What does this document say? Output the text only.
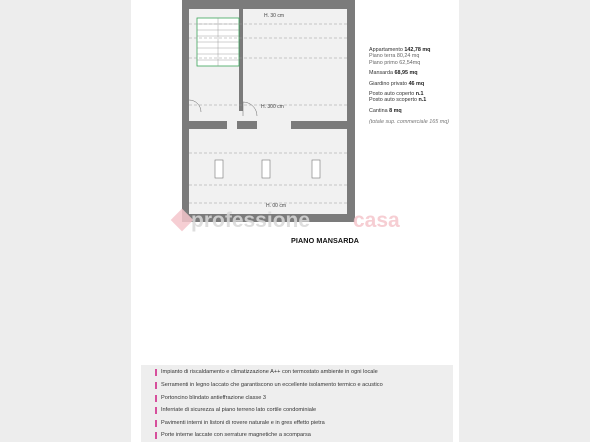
H. 30 cm
H. 300 cm
H. 00 cm
professione casa
Appartamento 142,78 mq
Piano terra 80,24 mq
Piano primo 62,54mq
Mansarda 68,95 mq
Giardino privato 46 mq
Posto auto coperto n.1
Posto auto scoperto n.1
Cantina 8 mq
(totale sup. commerciale 165 mq)
PIANO MANSARDA
Impianto di riscaldamento e climatizzazione A++ con termostato ambiente in ogni locale
Serramenti in legno laccato che garantiscono un eccellente isolamento termico e acustico
Portoncino blindato antieffrazione classe 3
Inferriate di sicurezza al piano terreno lato cortile condominiale
Pavimenti interni in listoni di rovere naturale e in gres effetto pietra
Porte interne laccate con serrature magnetiche a scomparsa
